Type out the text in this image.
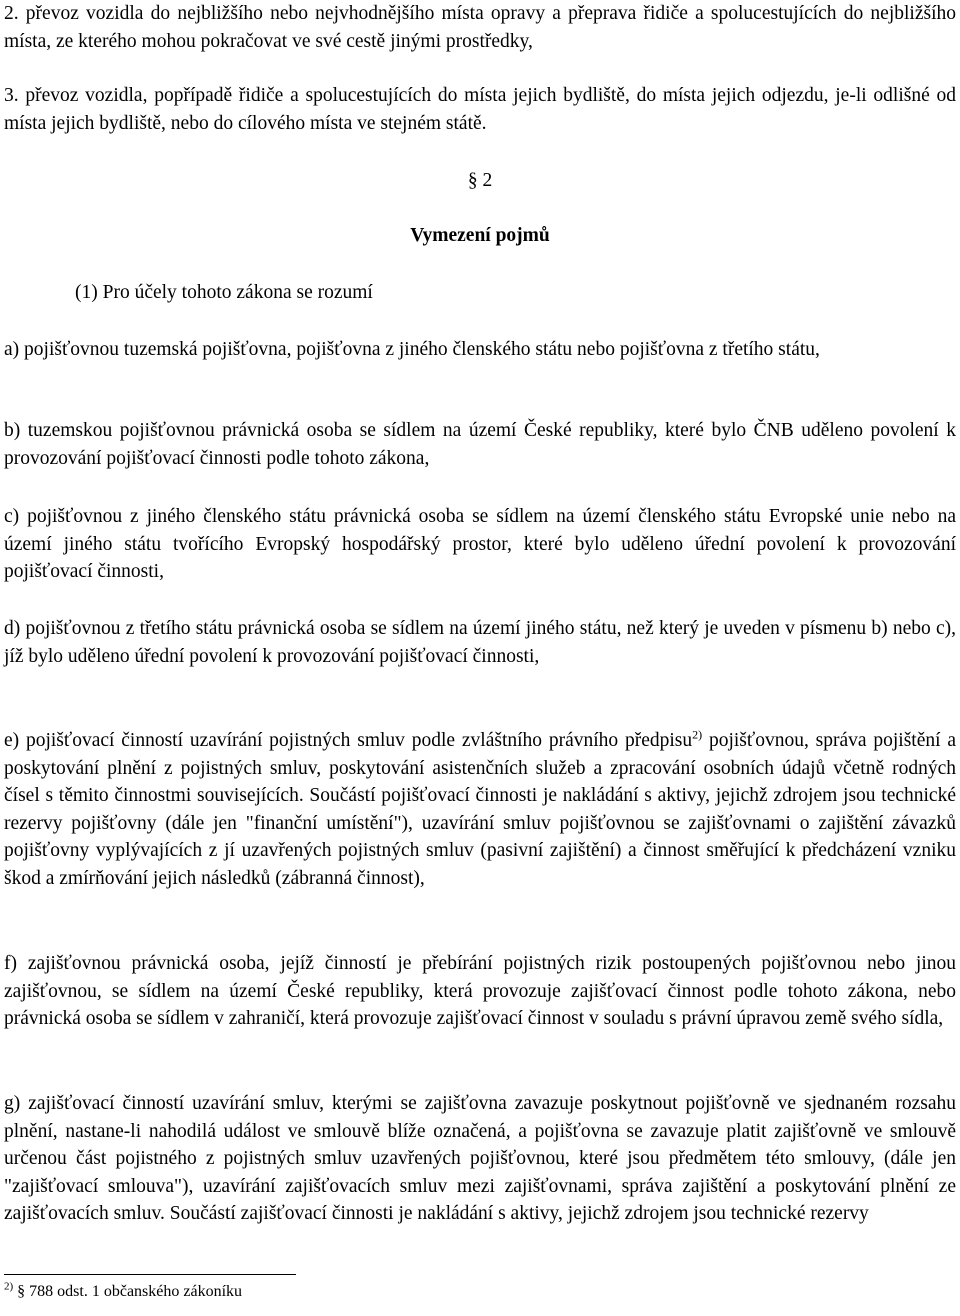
2. převoz vozidla do nejbližšího nebo nejvhodnějšího místa opravy a přeprava řidiče a spolucestujících do nejbližšího místa, ze kterého mohou pokračovat ve své cestě jinými prostředky,

3. převoz vozidla, popřípadě řidiče a spolucestujících do místa jejich bydliště, do místa jejich odjezdu, je-li odlišné od místa jejich bydliště, nebo do cílového místa ve stejném státě.

§ 2

Vymezení pojmů

(1) Pro účely tohoto zákona se rozumí

a) pojišťovnou tuzemská pojišťovna, pojišťovna z jiného členského státu nebo pojišťovna z třetího státu,

b) tuzemskou pojišťovnou právnická osoba se sídlem na území České republiky, které bylo ČNB uděleno povolení k provozování pojišťovací činnosti podle tohoto zákona,

c) pojišťovnou z jiného členského státu právnická osoba se sídlem na území členského státu Evropské unie nebo na území jiného státu tvořícího Evropský hospodářský prostor, které bylo uděleno úřední povolení k provozování pojišťovací činnosti,

d) pojišťovnou z třetího státu právnická osoba se sídlem na území jiného státu, než který je uveden v písmenu b) nebo c), jíž bylo uděleno úřední povolení k provozování pojišťovací činnosti,

e) pojišťovací činností uzavírání pojistných smluv podle zvláštního právního předpisu$^{2)}$ pojišťovnou, správa pojištění a poskytování plnění z pojistných smluv, poskytování asistenčních služeb a zpracování osobních údajů včetně rodných čísel s těmito činnostmi souvisejících. Součástí pojišťovací činnosti je nakládání s aktivy, jejichž zdrojem jsou technické rezervy pojišťovny (dále jen "finanční umístění"), uzavírání smluv pojišťovnou se zajišťovnami o zajištění závazků pojišťovny vyplývajících z jí uzavřených pojistných smluv (pasivní zajištění) a činnost směřující k předcházení vzniku škod a zmírňování jejich následků (zábranná činnost),

f) zajišťovnou právnická osoba, jejíž činností je přebírání pojistných rizik postoupených pojišťovnou nebo jinou zajišťovnou, se sídlem na území České republiky, která provozuje zajišťovací činnost podle tohoto zákona, nebo právnická osoba se sídlem v zahraničí, která provozuje zajišťovací činnost v souladu s právní úpravou země svého sídla,

g) zajišťovací činností uzavírání smluv, kterými se zajišťovna zavazuje poskytnout pojišťovně ve sjednaném rozsahu plnění, nastane-li nahodilá událost ve smlouvě blíže označená, a pojišťovna se zavazuje platit zajišťovně ve smlouvě určenou část pojistného z pojistných smluv uzavřených pojišťovnou, které jsou předmětem této smlouvy, (dále jen "zajišťovací smlouva"), uzavírání zajišťovacích smluv mezi zajišťovnami, správa zajištění a poskytování plnění ze zajišťovacích smluv. Součástí zajišťovací činnosti je nakládání s aktivy, jejichž zdrojem jsou technické rezervy

$^{2)}$ § 788 odst. 1 občanského zákoníku
